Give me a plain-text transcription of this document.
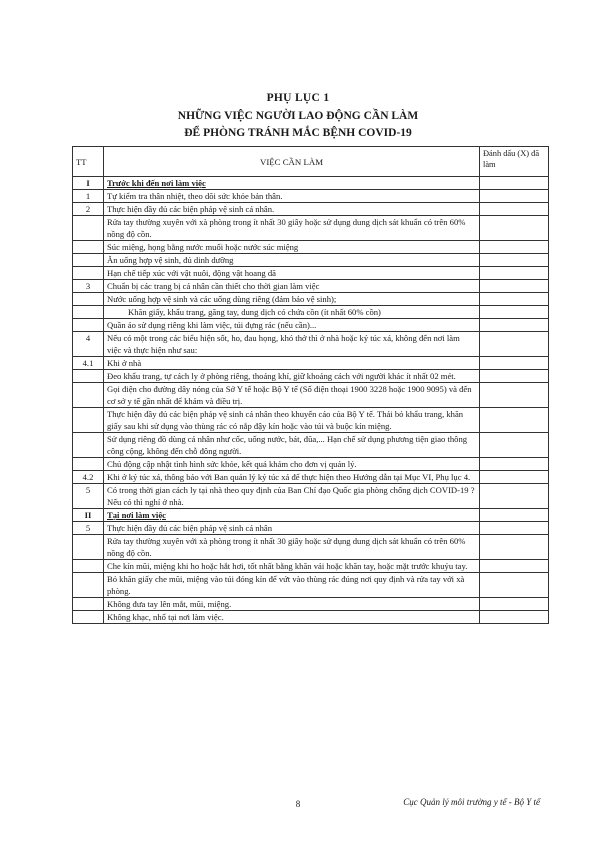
PHỤ LỤC 1
NHỮNG VIỆC NGƯỜI LAO ĐỘNG CẦN LÀM
ĐỂ PHÒNG TRÁNH MẮC BỆNH COVID-19
TT	VIỆC CẦN LÀM	Đánh dấu (X) đã làm
I	Trước khi đến nơi làm việc	
1	Tự kiểm tra thân nhiệt, theo dõi sức khỏe bản thân.	
2	Thực hiện đầy đủ các biện pháp vệ sinh cá nhân.	
	Rửa tay thường xuyên với xà phòng trong ít nhất 30 giây hoặc sử dụng dung dịch sát khuẩn có trên 60% nồng độ cồn.	
	Súc miệng, họng bằng nước muối hoặc nước súc miệng	
	Ăn uống hợp vệ sinh, đủ dinh dưỡng	
	Hạn chế tiếp xúc với vật nuôi, động vật hoang dã	
3	Chuẩn bị các trang bị cá nhân cần thiết cho thời gian làm việc	
	Nước uống hợp vệ sinh và các uống dùng riêng (đảm bảo vệ sinh);	
	Khăn giấy, khẩu trang, găng tay, dung dịch có chứa cồn (ít nhất 60% cồn)	
	Quần áo sử dụng riêng khi làm việc, túi đựng rác (nếu cần)...	
4	Nếu có một trong các biểu hiện sốt, ho, đau họng, khó thở thì ở nhà hoặc ký túc xá, không đến nơi làm việc và thực hiện như sau:	
4.1	Khi ở nhà	
	Đeo khẩu trang, tự cách ly ở phòng riêng, thoáng khí, giữ khoảng cách với người khác ít nhất 02 mét.	
	Gọi điện cho đường dây nóng của Sở Y tế hoặc Bộ Y tế (Số điện thoại 1900 3228 hoặc 1900 9095) và đến cơ sở y tế gần nhất để khám và điều trị.	
	Thực hiện đầy đủ các biện pháp vệ sinh cá nhân theo khuyến cáo của Bộ Y tế. Thải bỏ khẩu trang, khăn giấy sau khi sử dụng vào thùng rác có nắp đậy kín hoặc vào túi và buộc kín miệng.	
	Sử dụng riêng đồ dùng cá nhân như cốc, uống nước, bát, đũa,... Hạn chế sử dụng phương tiện giao thông công cộng, không đến chỗ đông người.	
	Chủ động cập nhật tình hình sức khỏe, kết quả khám cho đơn vị quản lý.	
4.2	Khi ở ký túc xá, thông báo với Ban quản lý ký túc xá để thực hiện theo Hướng dẫn tại Mục VI, Phụ lục 4.	
5	Có trong thời gian cách ly tại nhà theo quy định của Ban Chỉ đạo Quốc gia phòng chống dịch COVID-19 ? Nếu có thì nghỉ ở nhà.	
II	Tại nơi làm việc	
5	Thực hiện đầy đủ các biện pháp vệ sinh cá nhân	
	Rửa tay thường xuyên với xà phòng trong ít nhất 30 giây hoặc sử dụng dung dịch sát khuẩn có trên 60% nồng độ cồn.	
	Che kín mũi, miệng khi ho hoặc hắt hơi, tốt nhất bằng khăn vải hoặc khăn tay, hoặc mặt trước khuỷu tay.	
	Bỏ khăn giấy che mũi, miệng vào túi đóng kín để vứt vào thùng rác đúng nơi quy định và rửa tay với xà phòng.	
	Không đưa tay lên mắt, mũi, miệng.	
	Không khạc, nhổ tại nơi làm việc.	
8	Cục Quản lý môi trường y tế - Bộ Y tế
